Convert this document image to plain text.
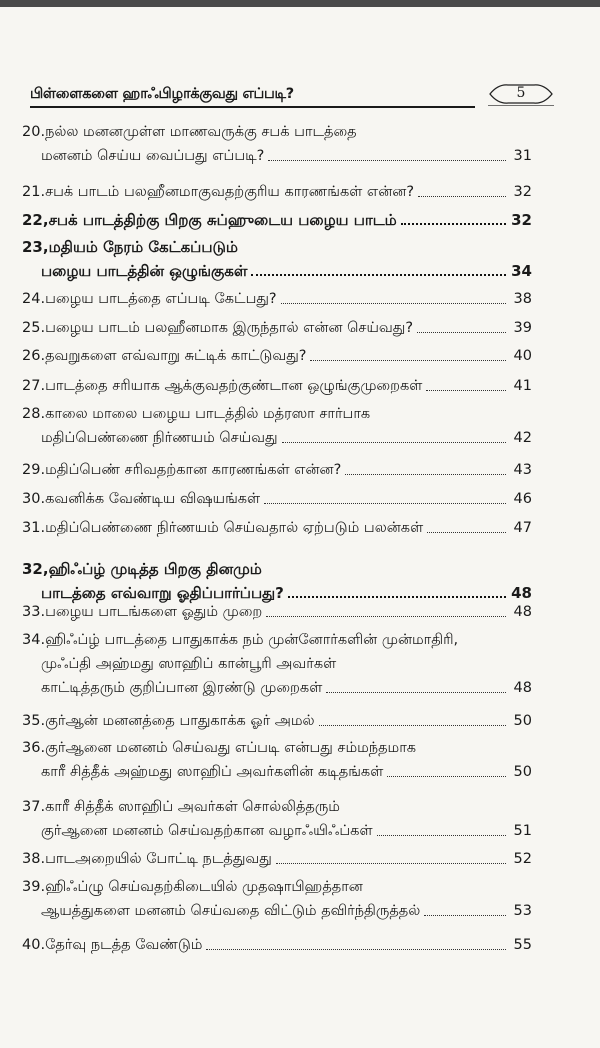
பிள்ளைகளை ஹாஃபிழாக்குவது எப்படி?	5
20. நல்ல மனனமுள்ள மாணவருக்கு சபக் பாடத்தை
மனனம் செய்ய வைப்பது எப்படி?	31
21. சபக் பாடம் பலஹீனமாகுவதற்குரிய காரணங்கள் என்ன?	32
22, சபக் பாடத்திற்கு பிறகு சுப்ஹுடைய பழைய பாடம்	32
23, மதியம் நேரம் கேட்கப்படும்
பழைய பாடத்தின் ஒழுங்குகள்	34
24. பழைய பாடத்தை எப்படி கேட்பது?	38
25. பழைய பாடம் பலஹீனமாக இருந்தால் என்ன செய்வது?	39
26. தவறுகளை எவ்வாறு சுட்டிக் காட்டுவது?	40
27. பாடத்தை சரியாக ஆக்குவதற்குண்டான ஒழுங்குமுறைகள்	41
28. காலை மாலை பழைய பாடத்தில் மத்ரஸா சார்பாக
மதிப்பெண்ணை நிர்ணயம் செய்வது	42
29. மதிப்பெண் சரிவதற்கான காரணங்கள் என்ன?	43
30. கவனிக்க வேண்டிய விஷயங்கள்	46
31. மதிப்பெண்ணை நிர்ணயம் செய்வதால் ஏற்படும் பலன்கள்	47
32, ஹிஃப்ழ் முடித்த பிறகு தினமும்
பாடத்தை எவ்வாறு ஓதிப்பார்ப்பது?	48
33. பழைய பாடங்களை ஓதும் முறை	48
34. ஹிஃப்ழ் பாடத்தை பாதுகாக்க நம் முன்னோர்களின் முன்மாதிரி,
முஃப்தி அஹ்மது ஸாஹிப் கான்பூரி அவர்கள்
காட்டித்தரும் குறிப்பான இரண்டு முறைகள்	48
35. குர்ஆன் மனனத்தை பாதுகாக்க ஓர் அமல்	50
36. குர்ஆனை மனனம் செய்வது எப்படி என்பது சம்மந்தமாக
காரீ சித்தீக் அஹ்மது ஸாஹிப் அவர்களின் கடிதங்கள்	50
37. காரீ சித்தீக் ஸாஹிப் அவர்கள் சொல்லித்தரும்
குர்ஆனை மனனம் செய்வதற்கான வழாஃயிஃப்கள்	51
38. பாடஅறையில் போட்டி நடத்துவது	52
39. ஹிஃப்ழு செய்வதற்கிடையில் முதஷாபிஹத்தான
ஆயத்துகளை மனனம் செய்வதை விட்டும் தவிர்ந்திருத்தல்	53
40. தேர்வு நடத்த வேண்டும்	55
